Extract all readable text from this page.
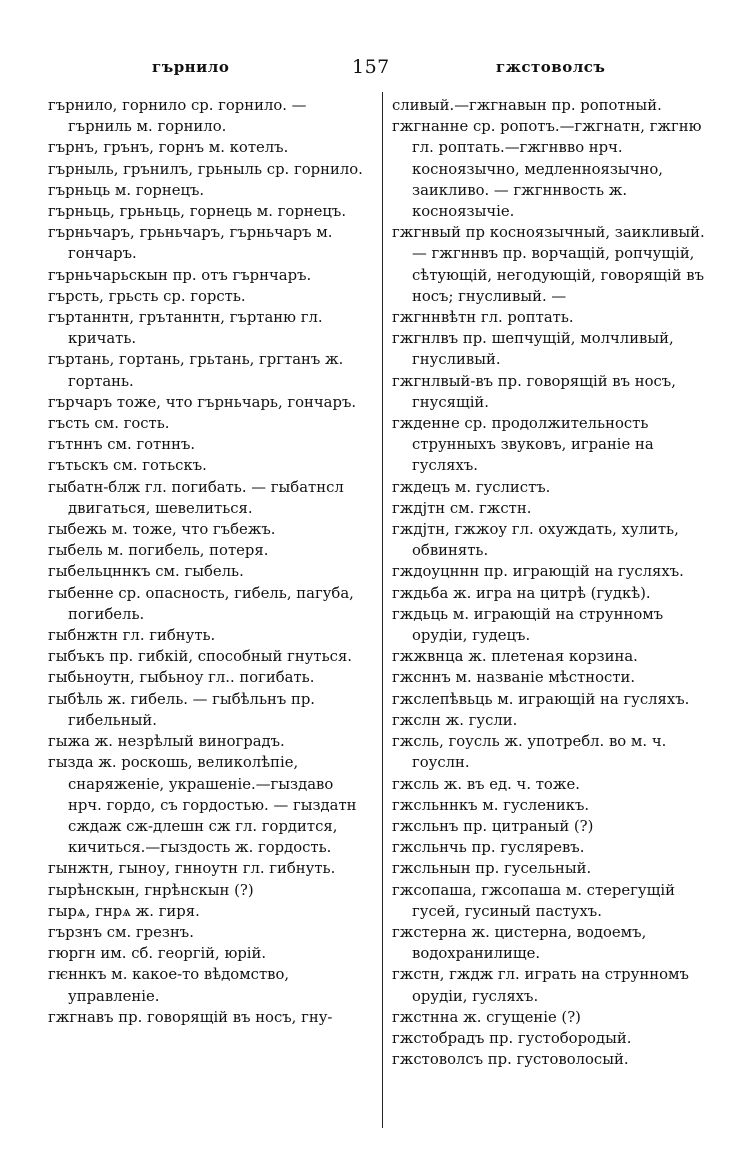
гърнило	157	гжстоволсъ

гърнило, горнило ср. горнило. — гърниль м. горнило.

гърнъ, грънъ, горнъ м. котелъ.

гърныль, грънилъ, грьныль ср. горнило.

гърньць м. горнецъ.

гърньць, грьньць, горнець м. горнецъ.

гърньчаръ, грьньчаръ, гърньчаръ м. гончаръ.

гърньчарьскын пр. отъ гърнчаръ.

гърсть, грьсть ср. горсть.

гъртаннтн, грътаннтн, гъртаню гл. кричать.

гъртань, гортань, грьтань, гргтанъ ж. гортань.

гърчаръ тоже, что гърньчарь, гончаръ.

гъсть см. гость.

гътннъ см. готннъ.

гътьскъ см. готьскъ.

гыбатн-блж гл. погибать. — гыбатнсл двигаться, шевелиться.

гыбежь м. тоже, что гъбежъ.

гыбель м. погибель, потеря.

гыбельцннкъ см. гыбель.

гыбенне ср. опасность, гибель, пагуба, погибель.

гыбнжтн гл. гибнуть.

гыбъкъ пр. гибкій, способный гнуться.

гыбьноутн, гыбьноу гл.. погибать.

гыбѣль ж. гибель. — гыбѣльнъ пр. гибельный.

гыжа ж. незрѣлый виноградъ.

гызда ж. роскошь, великолѣпіе, снаряженіе, украшеніе.—гыздаво нрч. гордо, съ гордостью. — гыздатн сждаж сж-длешн сж гл. гордится, кичиться.—гыздость ж. гордость.

гынжтн, гыноу, гнноутн гл. гибнуть.

гырѣнскын, гнрѣнскын (?)

гырѧ, гнрѧ ж. гиря.

гързнъ см. грезнъ.

гюргн им. сб. георгій, юрій.

гѥннкъ м. какое-то вѣдомство, управленіе.

гжгнавъ пр. говорящій въ носъ, гну-

сливый.—гжгнавын пр. ропотный.

гжгнанне ср. ропотъ.—гжгнатн, гжгню гл. роптать.—гжгнвво нрч. косноязычно, медленноязычно, заикливо. — гжгннвость ж. косноязычіе.

гжгнвый пр косноязычный, заикливый. — гжгннвъ пр. ворчащій, ропчущій, сѣтующій, негодующій, говорящій въ носъ; гнусливый. —

гжгннвѣтн гл. роптать.

гжгнлвъ пр. шепчущій, молчливый, гнусливый.

гжгнлвый-въ пр. говорящій въ носъ, гнусящій.

гжденне ср. продолжительность струнныхъ звуковъ, играніе на гусляхъ.

гждецъ м. гуслистъ.

гждјтн см. гжстн.

гждјтн, гжжоу гл. охуждать, хулить, обвинять.

гждоуцннн пр. играющій на гусляхъ.

гждьба ж. игра на цитрѣ (гудкѣ).

гждьць м. играющій на струнномъ орудіи, гудецъ.

гжжвнца ж. плетеная корзина.

гжсннъ м. названіе мѣстности.

гжслепѣвьць м. играющій на гусляхъ.

гжслн ж. гусли.

гжсль, гоусль ж. употребл. во м. ч. гоуслн.

гжсль ж. въ ед. ч. тоже.

гжсльннкъ м. гусленикъ.

гжсльнъ пр. цитраный (?)

гжсльнчь пр. гусляревъ.

гжсльнын пр. гусельный.

гжсопаша, гжсопаша м. стерегущій гусей, гусиный пастухъ.

гжстерна ж. цистерна, водоемъ, водохранилище.

гжстн, гждж гл. играть на струнномъ орудіи, гусляхъ.

гжстнна ж. сгущеніе (?)

гжстобрадъ пр. густобородый.

гжстоволсъ пр. густоволосый.
